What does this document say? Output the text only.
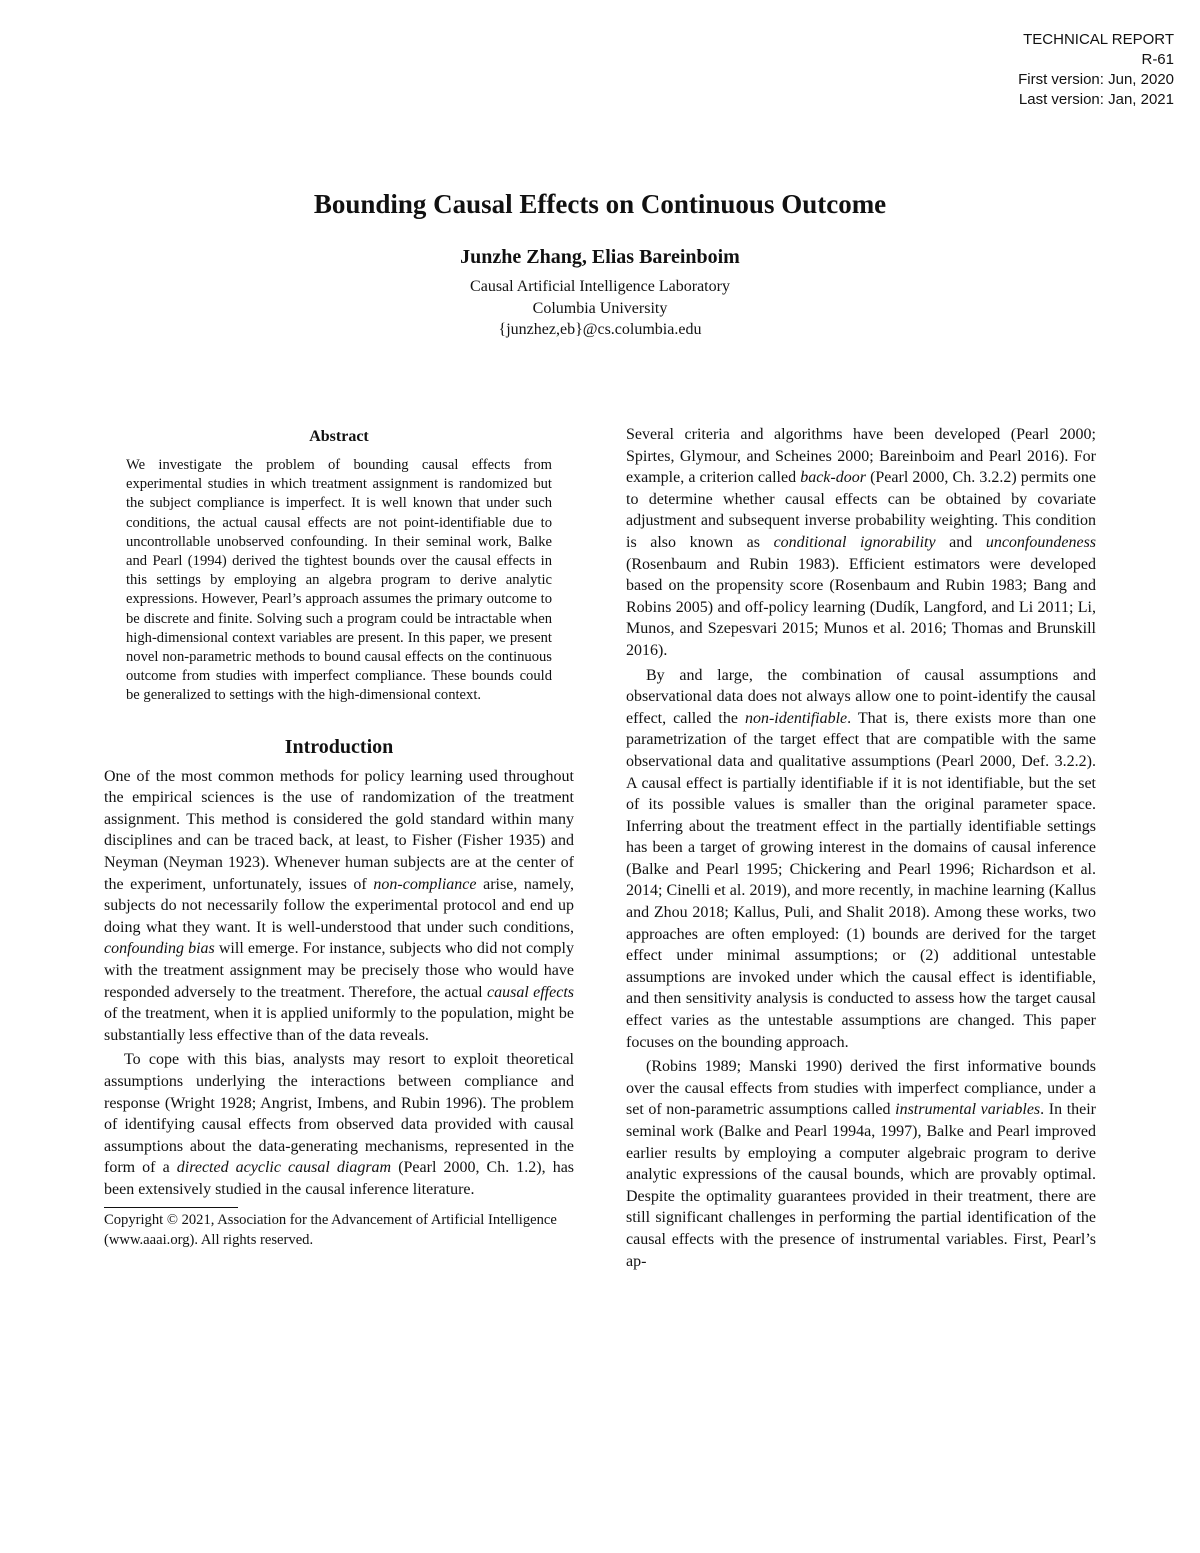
TECHNICAL REPORT
R-61
First version: Jun, 2020
Last version: Jan, 2021
Bounding Causal Effects on Continuous Outcome
Junzhe Zhang, Elias Bareinboim
Causal Artificial Intelligence Laboratory
Columbia University
{junzhez,eb}@cs.columbia.edu
Abstract

We investigate the problem of bounding causal effects from experimental studies in which treatment assignment is randomized but the subject compliance is imperfect. It is well known that under such conditions, the actual causal effects are not point-identifiable due to uncontrollable unobserved confounding. In their seminal work, Balke and Pearl (1994) derived the tightest bounds over the causal effects in this settings by employing an algebra program to derive analytic expressions. However, Pearl’s approach assumes the primary outcome to be discrete and finite. Solving such a program could be intractable when high-dimensional context variables are present. In this paper, we present novel non-parametric methods to bound causal effects on the continuous outcome from studies with imperfect compliance. These bounds could be generalized to settings with the high-dimensional context.

Introduction

One of the most common methods for policy learning used throughout the empirical sciences is the use of randomization of the treatment assignment. This method is considered the gold standard within many disciplines and can be traced back, at least, to Fisher (Fisher 1935) and Neyman (Neyman 1923). Whenever human subjects are at the center of the experiment, unfortunately, issues of non-compliance arise, namely, subjects do not necessarily follow the experimental protocol and end up doing what they want. It is well-understood that under such conditions, confounding bias will emerge. For instance, subjects who did not comply with the treatment assignment may be precisely those who would have responded adversely to the treatment. Therefore, the actual causal effects of the treatment, when it is applied uniformly to the population, might be substantially less effective than of the data reveals.

To cope with this bias, analysts may resort to exploit theoretical assumptions underlying the interactions between compliance and response (Wright 1928; Angrist, Imbens, and Rubin 1996). The problem of identifying causal effects from observed data provided with causal assumptions about the data-generating mechanisms, represented in the form of a directed acyclic causal diagram (Pearl 2000, Ch. 1.2), has been extensively studied in the causal inference literature.

Copyright © 2021, Association for the Advancement of Artificial Intelligence (www.aaai.org). All rights reserved.

Several criteria and algorithms have been developed (Pearl 2000; Spirtes, Glymour, and Scheines 2000; Bareinboim and Pearl 2016). For example, a criterion called back-door (Pearl 2000, Ch. 3.2.2) permits one to determine whether causal effects can be obtained by covariate adjustment and subsequent inverse probability weighting. This condition is also known as conditional ignorability and unconfoundeness (Rosenbaum and Rubin 1983). Efficient estimators were developed based on the propensity score (Rosenbaum and Rubin 1983; Bang and Robins 2005) and off-policy learning (Dudík, Langford, and Li 2011; Li, Munos, and Szepesvari 2015; Munos et al. 2016; Thomas and Brunskill 2016).

By and large, the combination of causal assumptions and observational data does not always allow one to point-identify the causal effect, called the non-identifiable. That is, there exists more than one parametrization of the target effect that are compatible with the same observational data and qualitative assumptions (Pearl 2000, Def. 3.2.2). A causal effect is partially identifiable if it is not identifiable, but the set of its possible values is smaller than the original parameter space. Inferring about the treatment effect in the partially identifiable settings has been a target of growing interest in the domains of causal inference (Balke and Pearl 1995; Chickering and Pearl 1996; Richardson et al. 2014; Cinelli et al. 2019), and more recently, in machine learning (Kallus and Zhou 2018; Kallus, Puli, and Shalit 2018). Among these works, two approaches are often employed: (1) bounds are derived for the target effect under minimal assumptions; or (2) additional untestable assumptions are invoked under which the causal effect is identifiable, and then sensitivity analysis is conducted to assess how the target causal effect varies as the untestable assumptions are changed. This paper focuses on the bounding approach.

(Robins 1989; Manski 1990) derived the first informative bounds over the causal effects from studies with imperfect compliance, under a set of non-parametric assumptions called instrumental variables. In their seminal work (Balke and Pearl 1994a, 1997), Balke and Pearl improved earlier results by employing a computer algebraic program to derive analytic expressions of the causal bounds, which are provably optimal. Despite the optimality guarantees provided in their treatment, there are still significant challenges in performing the partial identification of the causal effects with the presence of instrumental variables. First, Pearl’s ap-
